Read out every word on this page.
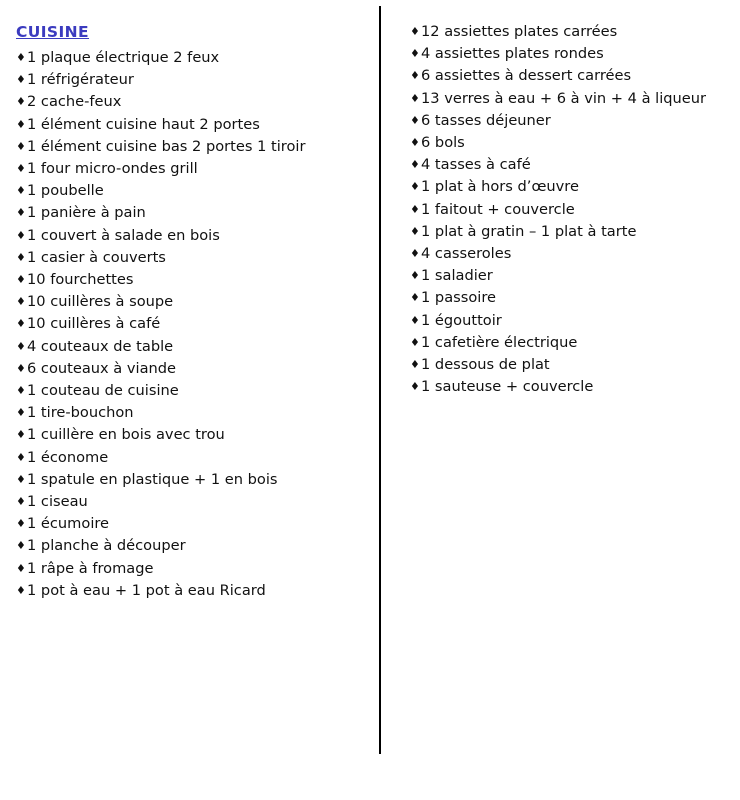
CUISINE
♦ 1 plaque électrique 2 feux
♦ 1 réfrigérateur
♦ 2 cache-feux
♦ 1 élément cuisine haut 2 portes
♦ 1 élément cuisine bas 2 portes 1 tiroir
♦ 1 four micro-ondes grill
♦ 1 poubelle
♦ 1 panière à pain
♦ 1 couvert à salade en bois
♦ 1 casier à couverts
♦ 10 fourchettes
♦ 10 cuillères à soupe
♦ 10 cuillères à café
♦ 4 couteaux de table
♦ 6 couteaux à viande
♦ 1 couteau de cuisine
♦ 1 tire-bouchon
♦ 1 cuillère en bois avec trou
♦ 1 économe
♦ 1 spatule en plastique + 1 en bois
♦ 1 ciseau
♦ 1 écumoire
♦ 1 planche à découper
♦ 1 râpe à fromage
♦ 1 pot à eau + 1 pot à eau Ricard
♦ 12 assiettes plates carrées
♦ 4 assiettes plates rondes
♦ 6 assiettes à dessert carrées
♦ 13 verres à eau + 6 à vin + 4 à liqueur
♦ 6 tasses déjeuner
♦ 6 bols
♦ 4 tasses à café
♦ 1 plat à hors d’œuvre
♦ 1 faitout + couvercle
♦ 1 plat à gratin – 1 plat à tarte
♦ 4 casseroles
♦ 1 saladier
♦ 1 passoire
♦ 1 égouttoir
♦ 1 cafetière électrique
♦ 1 dessous de plat
♦ 1 sauteuse + couvercle
